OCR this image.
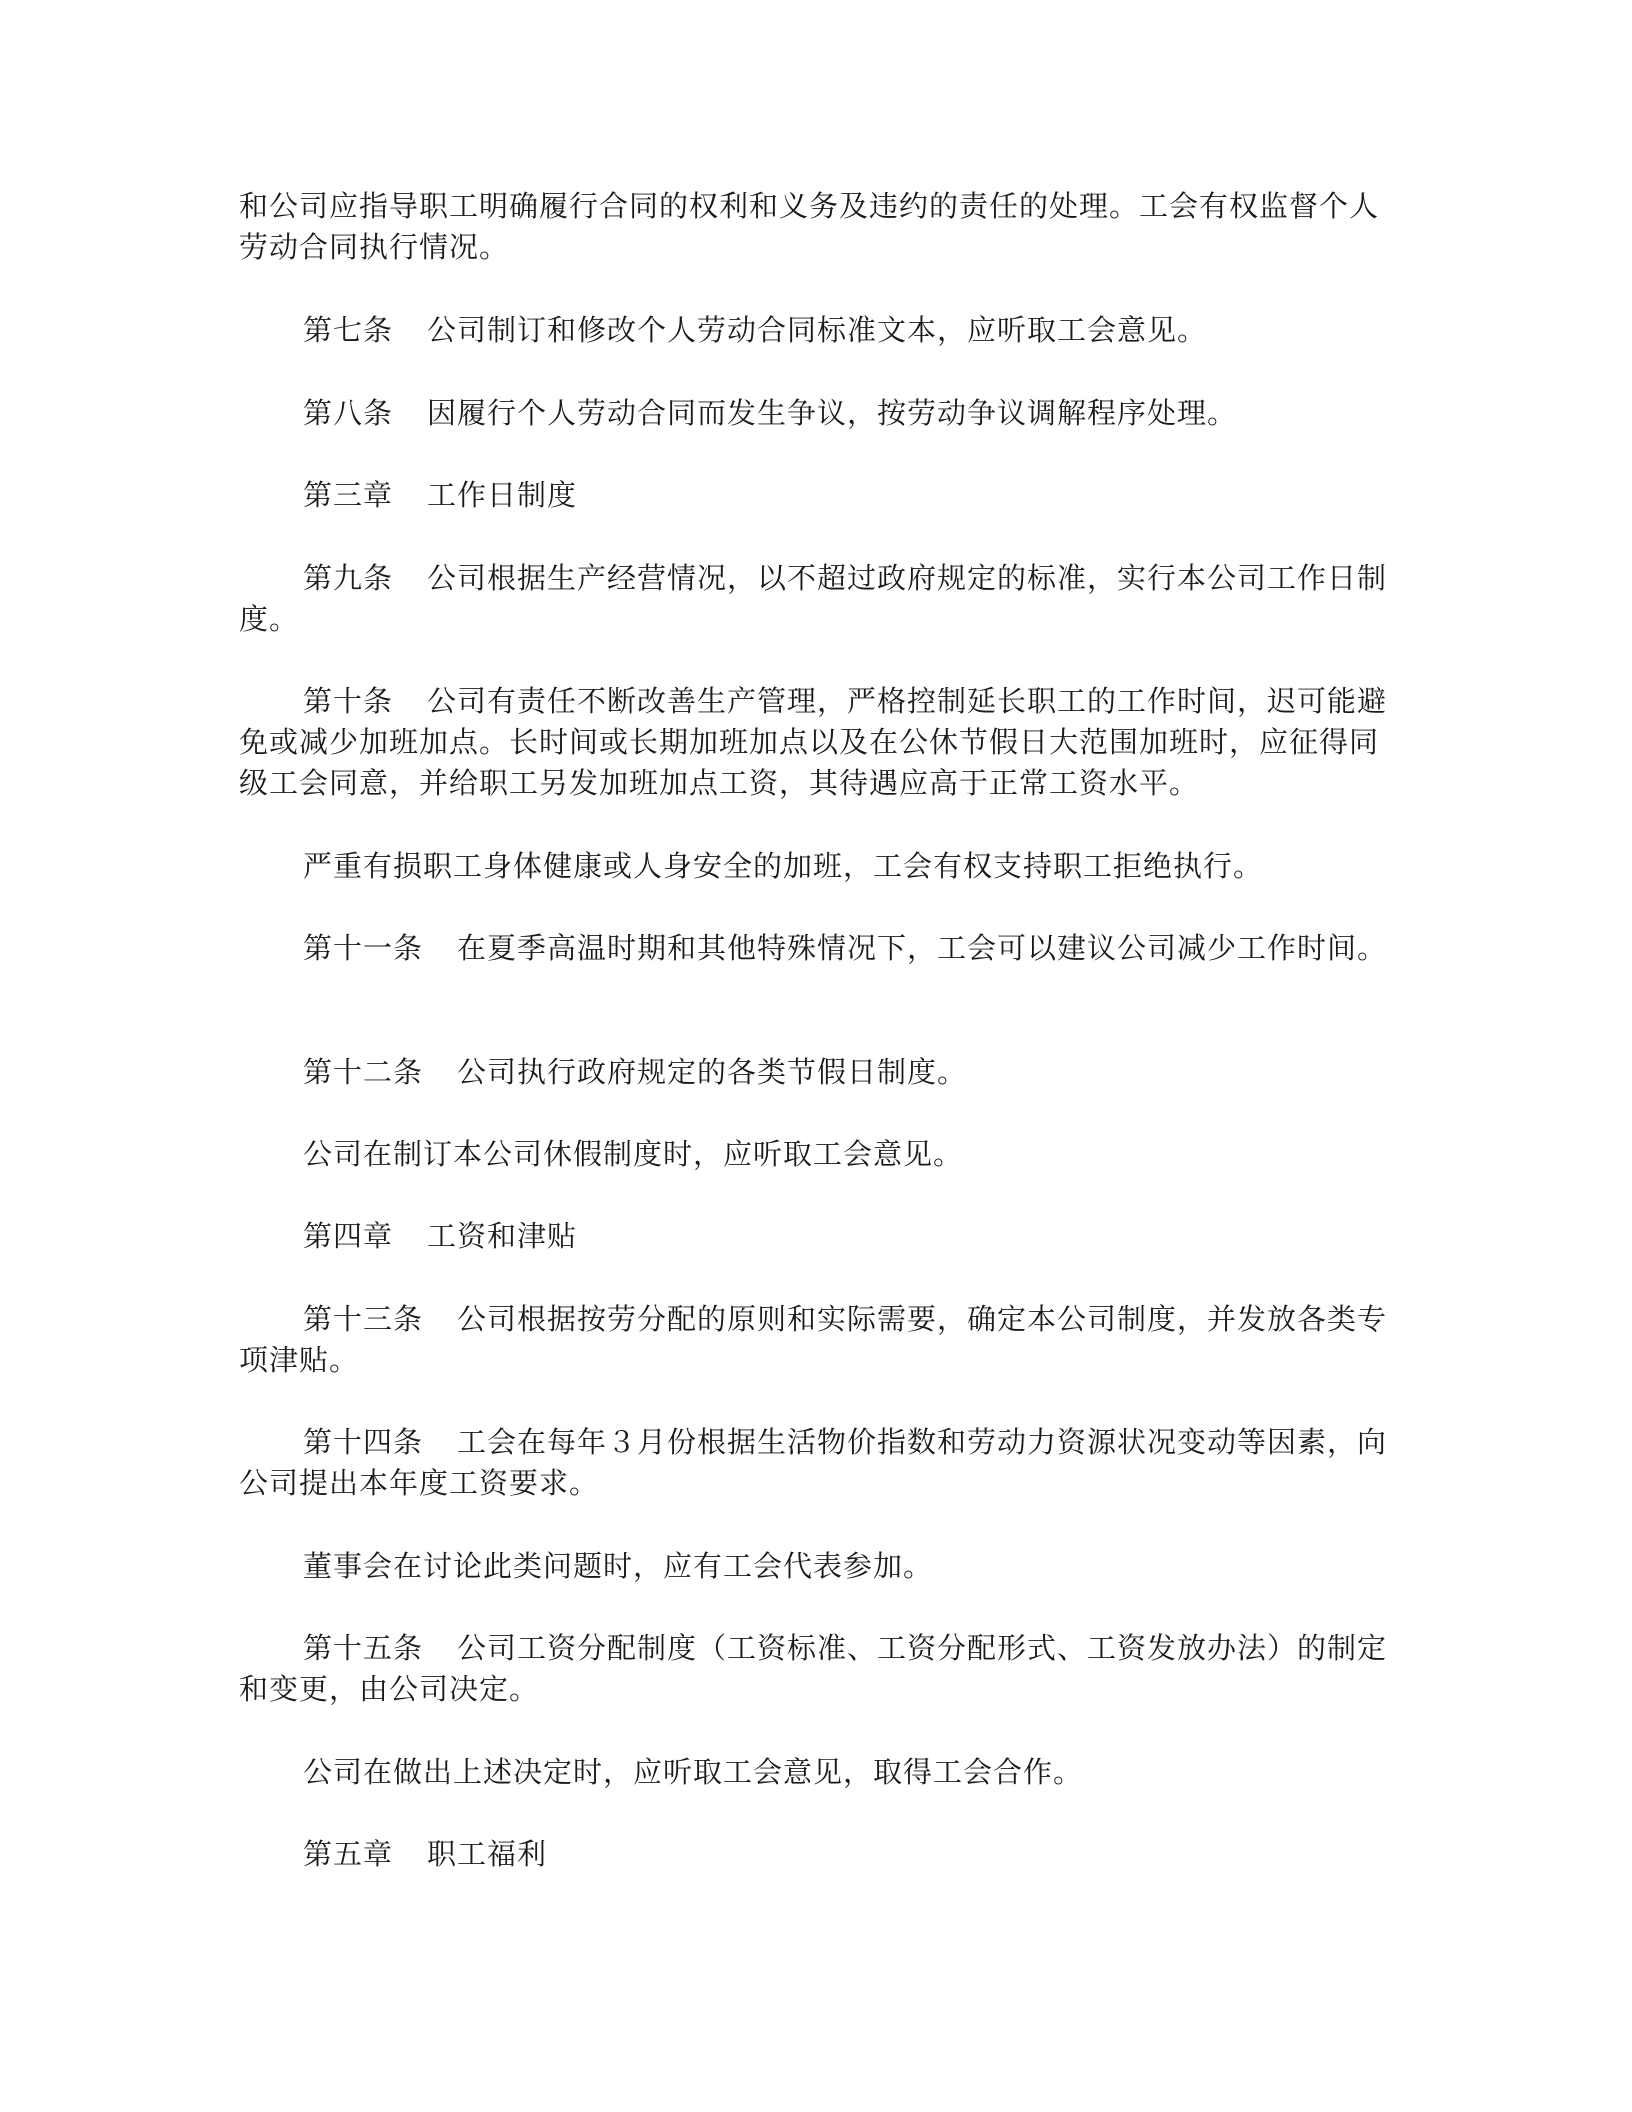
和公司应指导职工明确履行合同的权利和义务及违约的责任的处理。工会有权监督个人劳动合同执行情况。

第七条 公司制订和修改个人劳动合同标准文本，应听取工会意见。

第八条 因履行个人劳动合同而发生争议，按劳动争议调解程序处理。

第三章 工作日制度

第九条 公司根据生产经营情况，以不超过政府规定的标准，实行本公司工作日制度。

第十条 公司有责任不断改善生产管理，严格控制延长职工的工作时间，迟可能避免或减少加班加点。长时间或长期加班加点以及在公休节假日大范围加班时，应征得同级工会同意，并给职工另发加班加点工资，其待遇应高于正常工资水平。

严重有损职工身体健康或人身安全的加班，工会有权支持职工拒绝执行。

第十一条 在夏季高温时期和其他特殊情况下，工会可以建议公司减少工作时间。

第十二条 公司执行政府规定的各类节假日制度。

公司在制订本公司休假制度时，应听取工会意见。

第四章 工资和津贴

第十三条 公司根据按劳分配的原则和实际需要，确定本公司制度，并发放各类专项津贴。

第十四条 工会在每年３月份根据生活物价指数和劳动力资源状况变动等因素，向公司提出本年度工资要求。

董事会在讨论此类问题时，应有工会代表参加。

第十五条 公司工资分配制度（工资标准、工资分配形式、工资发放办法）的制定和变更，由公司决定。

公司在做出上述决定时，应听取工会意见，取得工会合作。

第五章 职工福利
